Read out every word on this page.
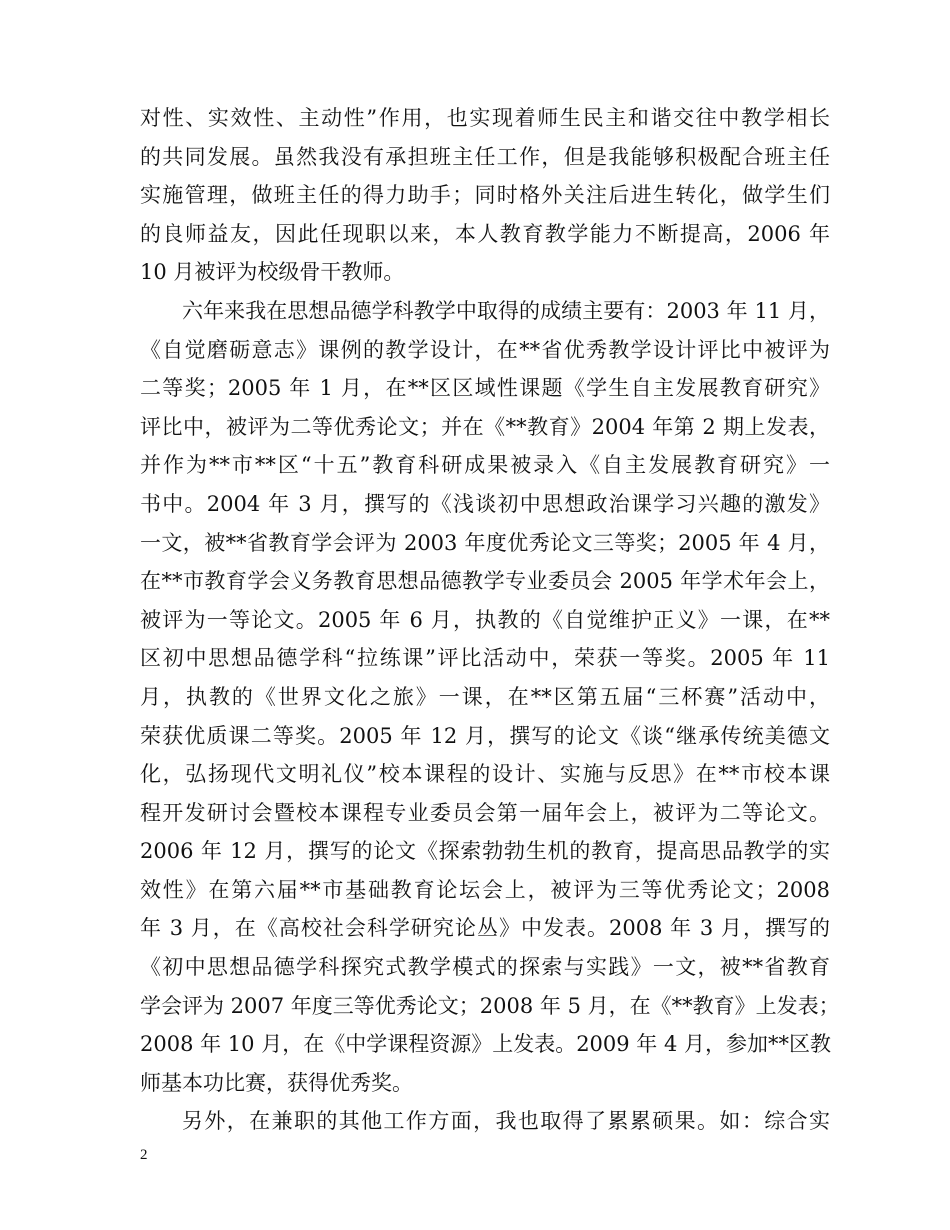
对性、实效性、主动性”作用，也实现着师生民主和谐交往中教学相长
的共同发展。虽然我没有承担班主任工作，但是我能够积极配合班主任
实施管理，做班主任的得力助手；同时格外关注后进生转化，做学生们
的良师益友，因此任现职以来，本人教育教学能力不断提高，2006 年
10 月被评为校级骨干教师。
六年来我在思想品德学科教学中取得的成绩主要有：2003 年 11 月，
《自觉磨砺意志》课例的教学设计，在**省优秀教学设计评比中被评为
二等奖；2005 年 1 月，在**区区域性课题《学生自主发展教育研究》
评比中，被评为二等优秀论文；并在《**教育》2004 年第 2 期上发表，
并作为**市**区“十五”教育科研成果被录入《自主发展教育研究》一
书中。2004 年 3 月，撰写的《浅谈初中思想政治课学习兴趣的激发》
一文，被**省教育学会评为 2003 年度优秀论文三等奖；2005 年 4 月，
在**市教育学会义务教育思想品德教学专业委员会 2005 年学术年会上，
被评为一等论文。2005 年 6 月，执教的《自觉维护正义》一课，在**
区初中思想品德学科“拉练课”评比活动中，荣获一等奖。2005 年 11
月，执教的《世界文化之旅》一课，在**区第五届“三杯赛”活动中，
荣获优质课二等奖。2005 年 12 月，撰写的论文《谈“继承传统美德文
化，弘扬现代文明礼仪”校本课程的设计、实施与反思》在**市校本课
程开发研讨会暨校本课程专业委员会第一届年会上，被评为二等论文。
2006 年 12 月，撰写的论文《探索勃勃生机的教育，提高思品教学的实
效性》在第六届**市基础教育论坛会上，被评为三等优秀论文；2008
年 3 月，在《高校社会科学研究论丛》中发表。2008 年 3 月，撰写的
《初中思想品德学科探究式教学模式的探索与实践》一文，被**省教育
学会评为 2007 年度三等优秀论文；2008 年 5 月，在《**教育》上发表；
2008 年 10 月，在《中学课程资源》上发表。2009 年 4 月，参加**区教
师基本功比赛，获得优秀奖。
另外，在兼职的其他工作方面，我也取得了累累硕果。如：综合实
2
